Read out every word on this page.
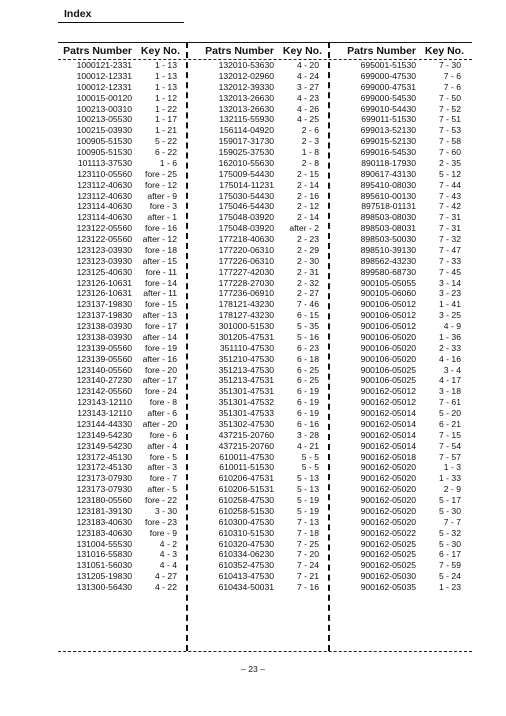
Index
Patrs Number Key No.
1000121-2331	1 - 13
100012-12331	1 - 13
100012-12331	1 - 13
100015-00120	1 - 12
100213-00310	1 - 22
100213-05530	1 - 17
100215-03930	1 - 21
100905-51530	5 - 22
100905-51530	6 - 22
101113-37530	1 - 6
123110-05560 fore - 25
123112-40630 fore - 12
123112-40630 after - 9
123114-40630 fore - 3
123114-40630 after - 1
123122-05560 fore - 16
123122-05560 after - 12
123123-03930 fore - 18
123123-03930 after - 15
123125-40630 fore - 11
123126-10631 fore - 14
123126-10631 after - 11
123137-19830 fore - 15
123137-19830 after - 13
123138-03930 fore - 17
123138-03930 after - 14
123139-05560 fore - 19
123139-05560 after - 16
123140-05560 fore - 20
123140-27230 after - 17
123142-05560 fore - 24
123143-12110 fore - 8
123143-12110 after - 6
123144-44330 after - 20
123149-54230 fore - 6
123149-54230 after - 4
123172-45130 fore - 5
123172-45130 after - 3
123173-07930 fore - 7
123173-07930 after - 5
123180-05560 fore - 22
123181-39130	3 - 30
123183-40630 fore - 23
123183-40630 fore - 9
131004-55530	4 - 2
131016-55830	4 - 3
131051-56030	4 - 4
131205-19830	4 - 27
131300-56430	4 - 22
Patrs Number Key No.
132010-53630	4 - 20
132012-02960	4 - 24
132012-39330	3 - 27
132013-26630	4 - 23
132013-26630	4 - 26
132115-55930	4 - 25
156114-04920	2 - 6
159017-31730	2 - 3
159025-37530	1 - 8
162010-55630	2 - 8
175009-54430	2 - 15
175014-11231	2 - 14
175030-54430	2 - 16
175046-54430	2 - 12
175048-03920	2 - 14
175048-03920 after - 2
177218-40630	2 - 23
177220-06310	2 - 29
177226-06310	2 - 30
177227-42030	2 - 31
177228-27030	2 - 32
177236-06910	2 - 27
178121-43230	7 - 46
178127-43230	6 - 15
301000-51530	5 - 35
301205-47531	5 - 16
351110-47530	6 - 23
351210-47530	6 - 18
351213-47530	6 - 25
351213-47531	6 - 25
351301-47531	6 - 19
351301-47532	6 - 19
351301-47533	6 - 19
351302-47530	6 - 16
437215-20760	3 - 28
437215-20760	4 - 21
610011-47530	5 - 5
610011-51530	5 - 5
610206-47531	5 - 13
610206-51531	5 - 13
610258-47530	5 - 19
610258-51530	5 - 19
610300-47530	7 - 13
610310-51530	7 - 18
610320-47530	7 - 25
610334-06230	7 - 20
610352-47530	7 - 24
610413-47530	7 - 21
610434-50031	7 - 16
Patrs Number Key No.
695001-51530	7 - 30
699000-47530	7 - 6
699000-47531	7 - 6
699000-54530	7 - 50
699010-54430	7 - 52
699011-51530	7 - 51
699013-52130	7 - 53
699015-52130	7 - 58
699016-54530	7 - 60
890118-17930	2 - 35
890617-43130	5 - 12
895410-08030	7 - 44
895610-00130	7 - 43
897518-01131	7 - 42
898503-08030	7 - 31
898503-08031	7 - 31
898503-50030	7 - 32
898510-39130	7 - 47
898562-43230	7 - 33
899580-68730	7 - 45
900105-05055	3 - 14
900105-06060	3 - 23
900106-05012	1 - 41
900106-05012	3 - 25
900106-05012	4 - 9
900106-05020	1 - 36
900106-05020	2 - 33
900106-05020	4 - 16
900106-05025	3 - 4
900106-05025	4 - 17
900162-05012	3 - 18
900162-05012	7 - 61
900162-05014	5 - 20
900162-05014	6 - 21
900162-05014	7 - 15
900162-05014	7 - 54
900162-05018	7 - 57
900162-05020	1 - 3
900162-05020	1 - 33
900162-05020	2 - 9
900162-05020	5 - 17
900162-05020	5 - 30
900162-05020	7 - 7
900162-05022	5 - 32
900162-05025	5 - 30
900162-05025	6 - 17
900162-05025	7 - 59
900162-05030	5 - 24
900162-05035	1 - 23
– 23 –
